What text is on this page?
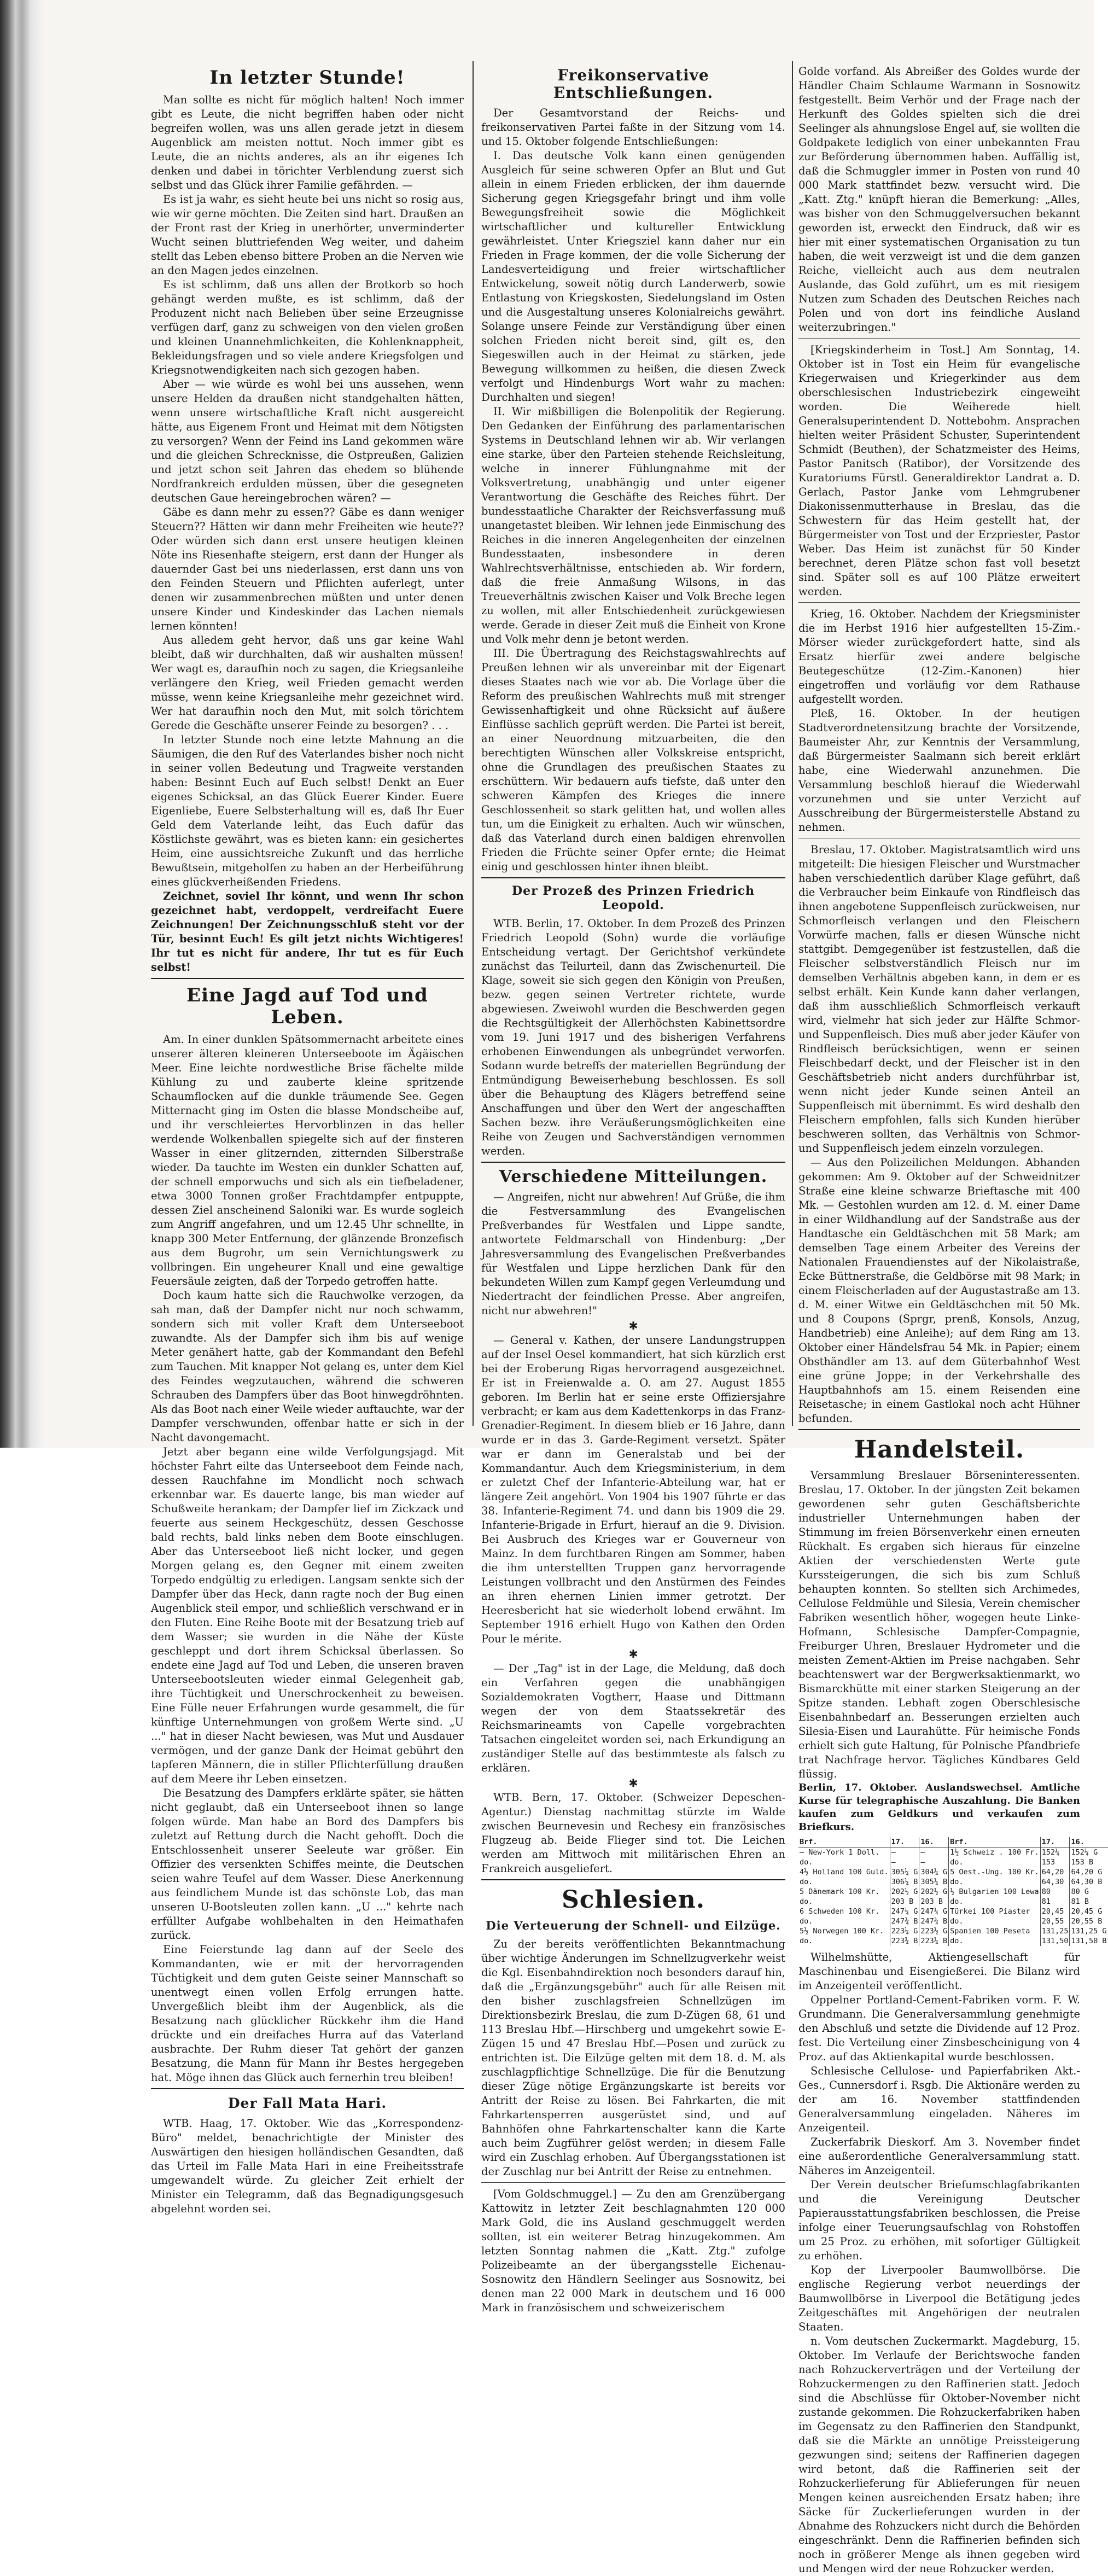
In letzter Stunde!

Man sollte es nicht für möglich halten! Noch immer gibt es Leute, die nicht begriffen haben oder nicht begreifen wollen, was uns allen gerade jetzt in diesem Augenblick am meisten nottut. Noch immer gibt es Leute, die an nichts anderes, als an ihr eigenes Ich denken und dabei in törichter Verblendung zuerst sich selbst und das Glück ihrer Familie gefährden. —

Es ist ja wahr, es sieht heute bei uns nicht so rosig aus, wie wir gerne möchten. Die Zeiten sind hart. Draußen an der Front rast der Krieg in unerhörter, unverminderter Wucht seinen bluttriefenden Weg weiter, und daheim stellt das Leben ebenso bittere Proben an die Nerven wie an den Magen jedes einzelnen.

Es ist schlimm, daß uns allen der Brotkorb so hoch gehängt werden mußte, es ist schlimm, daß der Produzent nicht nach Belieben über seine Erzeugnisse verfügen darf, ganz zu schweigen von den vielen großen und kleinen Unannehmlichkeiten, die Kohlenknappheit, Bekleidungsfragen und so viele andere Kriegsfolgen und Kriegsnotwendigkeiten nach sich gezogen haben.

Aber — wie würde es wohl bei uns aussehen, wenn unsere Helden da draußen nicht standgehalten hätten, wenn unsere wirtschaftliche Kraft nicht ausgereicht hätte, aus Eigenem Front und Heimat mit dem Nötigsten zu versorgen? Wenn der Feind ins Land gekommen wäre und die gleichen Schrecknisse, die Ostpreußen, Galizien und jetzt schon seit Jahren das ehedem so blühende Nordfrankreich erdulden müssen, über die gesegneten deutschen Gaue hereingebrochen wären? —

Gäbe es dann mehr zu essen?? Gäbe es dann weniger Steuern?? Hätten wir dann mehr Freiheiten wie heute?? Oder würden sich dann erst unsere heutigen kleinen Nöte ins Riesenhafte steigern, erst dann der Hunger als dauernder Gast bei uns niederlassen, erst dann uns von den Feinden Steuern und Pflichten auferlegt, unter denen wir zusammenbrechen müßten und unter denen unsere Kinder und Kindeskinder das Lachen niemals lernen könnten!

Aus alledem geht hervor, daß uns gar keine Wahl bleibt, daß wir durchhalten, daß wir aushalten müssen! Wer wagt es, daraufhin noch zu sagen, die Kriegsanleihe verlängere den Krieg, weil Frieden gemacht werden müsse, wenn keine Kriegsanleihe mehr gezeichnet wird. Wer hat daraufhin noch den Mut, mit solch törichtem Gerede die Geschäfte unserer Feinde zu besorgen? . . .

In letzter Stunde noch eine letzte Mahnung an die Säumigen, die den Ruf des Vaterlandes bisher noch nicht in seiner vollen Bedeutung und Tragweite verstanden haben: Besinnt Euch auf Euch selbst! Denkt an Euer eigenes Schicksal, an das Glück Euerer Kinder. Euere Eigenliebe, Euere Selbsterhaltung will es, daß Ihr Euer Geld dem Vaterlande leiht, das Euch dafür das Köstlichste gewährt, was es bieten kann: ein gesichertes Heim, eine aussichtsreiche Zukunft und das herrliche Bewußtsein, mitgeholfen zu haben an der Herbeiführung eines glückverheißenden Friedens.

Zeichnet, soviel Ihr könnt, und wenn Ihr schon gezeichnet habt, verdoppelt, verdreifacht Euere Zeichnungen! Der Zeichnungsschluß steht vor der Tür, besinnt Euch! Es gilt jetzt nichts Wichtigeres! Ihr tut es nicht für andere, Ihr tut es für Euch selbst!

Eine Jagd auf Tod und Leben.

Am. In einer dunklen Spätsommernacht arbeitete eines unserer älteren kleineren Unterseeboote im Ägäischen Meer. Eine leichte nordwestliche Brise fächelte milde Kühlung zu und zauberte kleine spritzende Schaumflocken auf die dunkle träumende See. Gegen Mitternacht ging im Osten die blasse Mondscheibe auf, und ihr verschleiertes Hervorblinzen in das heller werdende Wolkenballen spiegelte sich auf der finsteren Wasser in einer glitzernden, zitternden Silberstraße wieder. Da tauchte im Westen ein dunkler Schatten auf, der schnell emporwuchs und sich als ein tiefbeladener, etwa 3000 Tonnen großer Frachtdampfer entpuppte, dessen Ziel anscheinend Saloniki war. Es wurde sogleich zum Angriff angefahren, und um 12.45 Uhr schnellte, in knapp 300 Meter Entfernung, der glänzende Bronzefisch aus dem Bugrohr, um sein Vernichtungswerk zu vollbringen. Ein ungeheurer Knall und eine gewaltige Feuersäule zeigten, daß der Torpedo getroffen hatte.

Doch kaum hatte sich die Rauchwolke verzogen, da sah man, daß der Dampfer nicht nur noch schwamm, sondern sich mit voller Kraft dem Unterseeboot zuwandte. Als der Dampfer sich ihm bis auf wenige Meter genähert hatte, gab der Kommandant den Befehl zum Tauchen. Mit knapper Not gelang es, unter dem Kiel des Feindes wegzutauchen, während die schweren Schrauben des Dampfers über das Boot hinwegdröhnten. Als das Boot nach einer Weile wieder auftauchte, war der Dampfer verschwunden, offenbar hatte er sich in der Nacht davongemacht.

Jetzt aber begann eine wilde Verfolgungsjagd. Mit höchster Fahrt eilte das Unterseeboot dem Feinde nach, dessen Rauchfahne im Mondlicht noch schwach erkennbar war. Es dauerte lange, bis man wieder auf Schußweite herankam; der Dampfer lief im Zickzack und feuerte aus seinem Heckgeschütz, dessen Geschosse bald rechts, bald links neben dem Boote einschlugen. Aber das Unterseeboot ließ nicht locker, und gegen Morgen gelang es, den Gegner mit einem zweiten Torpedo endgültig zu erledigen. Langsam senkte sich der Dampfer über das Heck, dann ragte noch der Bug einen Augenblick steil empor, und schließlich verschwand er in den Fluten. Eine Reihe Boote mit der Besatzung trieb auf dem Wasser; sie wurden in die Nähe der Küste geschleppt und dort ihrem Schicksal überlassen. So endete eine Jagd auf Tod und Leben, die unseren braven Unterseebootsleuten wieder einmal Gelegenheit gab, ihre Tüchtigkeit und Unerschrockenheit zu beweisen. Eine Fülle neuer Erfahrungen wurde gesammelt, die für künftige Unternehmungen von großem Werte sind. „U ..." hat in dieser Nacht bewiesen, was Mut und Ausdauer vermögen, und der ganze Dank der Heimat gebührt den tapferen Männern, die in stiller Pflichterfüllung draußen auf dem Meere ihr Leben einsetzen.

Die Besatzung des Dampfers erklärte später, sie hätten nicht geglaubt, daß ein Unterseeboot ihnen so lange folgen würde. Man habe an Bord des Dampfers bis zuletzt auf Rettung durch die Nacht gehofft. Doch die Entschlossenheit unserer Seeleute war größer. Ein Offizier des versenkten Schiffes meinte, die Deutschen seien wahre Teufel auf dem Wasser. Diese Anerkennung aus feindlichem Munde ist das schönste Lob, das man unseren U-Bootsleuten zollen kann. „U ..." kehrte nach erfüllter Aufgabe wohlbehalten in den Heimathafen zurück.

Eine Feierstunde lag dann auf der Seele des Kommandanten, wie er mit der hervorragenden Tüchtigkeit und dem guten Geiste seiner Mannschaft so unentwegt einen vollen Erfolg errungen hatte. Unvergeßlich bleibt ihm der Augenblick, als die Besatzung nach glücklicher Rückkehr ihm die Hand drückte und ein dreifaches Hurra auf das Vaterland ausbrachte. Der Ruhm dieser Tat gehört der ganzen Besatzung, die Mann für Mann ihr Bestes hergegeben hat. Möge ihnen das Glück auch fernerhin treu bleiben!

Der Fall Mata Hari.

WTB. Haag, 17. Oktober. Wie das „Korrespondenz-Büro" meldet, benachrichtigte der Minister des Auswärtigen den hiesigen holländischen Gesandten, daß das Urteil im Falle Mata Hari in eine Freiheitsstrafe umgewandelt würde. Zu gleicher Zeit erhielt der Minister ein Telegramm, daß das Begnadigungsgesuch abgelehnt worden sei.

Freikonservative Entschließungen.

Der Gesamtvorstand der Reichs- und freikonservativen Partei faßte in der Sitzung vom 14. und 15. Oktober folgende Entschließungen:

I. Das deutsche Volk kann einen genügenden Ausgleich für seine schweren Opfer an Blut und Gut allein in einem Frieden erblicken, der ihm dauernde Sicherung gegen Kriegsgefahr bringt und ihm volle Bewegungsfreiheit sowie die Möglichkeit wirtschaftlicher und kultureller Entwicklung gewährleistet. Unter Kriegsziel kann daher nur ein Frieden in Frage kommen, der die volle Sicherung der Landesverteidigung und freier wirtschaftlicher Entwickelung, soweit nötig durch Landerwerb, sowie Entlastung von Kriegskosten, Siedelungsland im Osten und die Ausgestaltung unseres Kolonialreichs gewährt. Solange unsere Feinde zur Verständigung über einen solchen Frieden nicht bereit sind, gilt es, den Siegeswillen auch in der Heimat zu stärken, jede Bewegung willkommen zu heißen, die diesen Zweck verfolgt und Hindenburgs Wort wahr zu machen: Durchhalten und siegen!

II. Wir mißbilligen die Bolenpolitik der Regierung. Den Gedanken der Einführung des parlamentarischen Systems in Deutschland lehnen wir ab. Wir verlangen eine starke, über den Parteien stehende Reichsleitung, welche in innerer Fühlungnahme mit der Volksvertretung, unabhängig und unter eigener Verantwortung die Geschäfte des Reiches führt. Der bundesstaatliche Charakter der Reichsverfassung muß unangetastet bleiben. Wir lehnen jede Einmischung des Reiches in die inneren Angelegenheiten der einzelnen Bundesstaaten, insbesondere in deren Wahlrechtsverhältnisse, entschieden ab. Wir fordern, daß die freie Anmaßung Wilsons, in das Treueverhältnis zwischen Kaiser und Volk Breche legen zu wollen, mit aller Entschiedenheit zurückgewiesen werde. Gerade in dieser Zeit muß die Einheit von Krone und Volk mehr denn je betont werden.

III. Die Übertragung des Reichstagswahlrechts auf Preußen lehnen wir als unvereinbar mit der Eigenart dieses Staates nach wie vor ab. Die Vorlage über die Reform des preußischen Wahlrechts muß mit strenger Gewissenhaftigkeit und ohne Rücksicht auf äußere Einflüsse sachlich geprüft werden. Die Partei ist bereit, an einer Neuordnung mitzuarbeiten, die den berechtigten Wünschen aller Volkskreise entspricht, ohne die Grundlagen des preußischen Staates zu erschüttern. Wir bedauern aufs tiefste, daß unter den schweren Kämpfen des Krieges die innere Geschlossenheit so stark gelitten hat, und wollen alles tun, um die Einigkeit zu erhalten. Auch wir wünschen, daß das Vaterland durch einen baldigen ehrenvollen Frieden die Früchte seiner Opfer ernte; die Heimat einig und geschlossen hinter ihnen bleibt.

Der Prozeß des Prinzen Friedrich Leopold.

WTB. Berlin, 17. Oktober. In dem Prozeß des Prinzen Friedrich Leopold (Sohn) wurde die vorläufige Entscheidung vertagt. Der Gerichtshof verkündete zunächst das Teilurteil, dann das Zwischenurteil. Die Klage, soweit sie sich gegen den Königin von Preußen, bezw. gegen seinen Vertreter richtete, wurde abgewiesen. Zweiwohl wurden die Beschwerden gegen die Rechtsgültigkeit der Allerhöchsten Kabinettsordre vom 19. Juni 1917 und des bisherigen Verfahrens erhobenen Einwendungen als unbegründet verworfen. Sodann wurde betreffs der materiellen Begründung der Entmündigung Beweiserhebung beschlossen. Es soll über die Behauptung des Klägers betreffend seine Anschaffungen und über den Wert der angeschafften Sachen bezw. ihre Veräußerungsmöglichkeiten eine Reihe von Zeugen und Sachverständigen vernommen werden.

Verschiedene Mitteilungen.

— Angreifen, nicht nur abwehren! Auf Grüße, die ihm die Festversammlung des Evangelischen Preßverbandes für Westfalen und Lippe sandte, antwortete Feldmarschall von Hindenburg: „Der Jahresversammlung des Evangelischen Preßverbandes für Westfalen und Lippe herzlichen Dank für den bekundeten Willen zum Kampf gegen Verleumdung und Niedertracht der feindlichen Presse. Aber angreifen, nicht nur abwehren!"

✱

— General v. Kathen, der unsere Landungstruppen auf der Insel Oesel kommandiert, hat sich kürzlich erst bei der Eroberung Rigas hervorragend ausgezeichnet. Er ist in Freienwalde a. O. am 27. August 1855 geboren. Im Berlin hat er seine erste Offiziersjahre verbracht; er kam aus dem Kadettenkorps in das Franz-Grenadier-Regiment. In diesem blieb er 16 Jahre, dann wurde er in das 3. Garde-Regiment versetzt. Später war er dann im Generalstab und bei der Kommandantur. Auch dem Kriegsministerium, in dem er zuletzt Chef der Infanterie-Abteilung war, hat er längere Zeit angehört. Von 1904 bis 1907 führte er das 38. Infanterie-Regiment 74. und dann bis 1909 die 29. Infanterie-Brigade in Erfurt, hierauf an die 9. Division. Bei Ausbruch des Krieges war er Gouverneur von Mainz. In dem furchtbaren Ringen am Sommer, haben die ihm unterstellten Truppen ganz hervorragende Leistungen vollbracht und den Anstürmen des Feindes an ihren ehernen Linien immer getrotzt. Der Heeresbericht hat sie wiederholt lobend erwähnt. Im September 1916 erhielt Hugo von Kathen den Orden Pour le mérite.

✱

— Der „Tag" ist in der Lage, die Meldung, daß doch ein Verfahren gegen die unabhängigen Sozialdemokraten Vogtherr, Haase und Dittmann wegen der von dem Staatssekretär des Reichsmarineamts von Capelle vorgebrachten Tatsachen eingeleitet worden sei, nach Erkundigung an zuständiger Stelle auf das bestimmteste als falsch zu erklären.

✱

WTB. Bern, 17. Oktober. (Schweizer Depeschen-Agentur.) Dienstag nachmittag stürzte im Walde zwischen Beurnevesin und Rechesy ein französisches Flugzeug ab. Beide Flieger sind tot. Die Leichen werden am Mittwoch mit militärischen Ehren an Frankreich ausgeliefert.

Schlesien.
Die Verteuerung der Schnell- und Eilzüge.

Zu der bereits veröffentlichten Bekanntmachung über wichtige Änderungen im Schnellzugverkehr weist die Kgl. Eisenbahndirektion noch besonders darauf hin, daß die „Ergänzungsgebühr" auch für alle Reisen mit den bisher zuschlagsfreien Schnellzügen im Direktionsbezirk Breslau, die zum D-Zügen 68, 61 und 113 Breslau Hbf.—Hirschberg und umgekehrt sowie E-Zügen 15 und 47 Breslau Hbf.—Posen und zurück zu entrichten ist. Die Eilzüge gelten mit dem 18. d. M. als zuschlagpflichtige Schnellzüge. Die für die Benutzung dieser Züge nötige Ergänzungskarte ist bereits vor Antritt der Reise zu lösen. Bei Fahrkarten, die mit Fahrkartensperren ausgerüstet sind, und auf Bahnhöfen ohne Fahrkartenschalter kann die Karte auch beim Zugführer gelöst werden; in diesem Falle wird ein Zuschlag erhoben. Auf Übergangsstationen ist der Zuschlag nur bei Antritt der Reise zu entnehmen.

[Vom Goldschmuggel.] — Zu den am Grenzübergang Kattowitz in letzter Zeit beschlagnahmten 120 000 Mark Gold, die ins Ausland geschmuggelt werden sollten, ist ein weiterer Betrag hinzugekommen. Am letzten Sonntag nahmen die „Katt. Ztg." zufolge Polizeibeamte an der übergangsstelle Eichenau-Sosnowitz den Händlern Seelinger aus Sosnowitz, bei denen man 22 000 Mark in deutschem und 16 000 Mark in französischem und schweizerischem

Golde vorfand. Als Abreißer des Goldes wurde der Händler Chaim Schlaume Warmann in Sosnowitz festgestellt. Beim Verhör und der Frage nach der Herkunft des Goldes spielten sich die drei Seelinger als ahnungslose Engel auf, sie wollten die Goldpakete lediglich von einer unbekannten Frau zur Beförderung übernommen haben. Auffällig ist, daß die Schmuggler immer in Posten von rund 40 000 Mark stattfindet bezw. versucht wird. Die „Katt. Ztg." knüpft hieran die Bemerkung: „Alles, was bisher von den Schmuggelversuchen bekannt geworden ist, erweckt den Eindruck, daß wir es hier mit einer systematischen Organisation zu tun haben, die weit verzweigt ist und die dem ganzen Reiche, vielleicht auch aus dem neutralen Auslande, das Gold zuführt, um es mit riesigem Nutzen zum Schaden des Deutschen Reiches nach Polen und von dort ins feindliche Ausland weiterzubringen."

[Kriegskinderheim in Tost.] Am Sonntag, 14. Oktober ist in Tost ein Heim für evangelische Kriegerwaisen und Kriegerkinder aus dem oberschlesischen Industriebezirk eingeweiht worden. Die Weiherede hielt Generalsuperintendent D. Nottebohm. Ansprachen hielten weiter Präsident Schuster, Superintendent Schmidt (Beuthen), der Schatzmeister des Heims, Pastor Panitsch (Ratibor), der Vorsitzende des Kuratoriums Fürstl. Generaldirektor Landrat a. D. Gerlach, Pastor Janke vom Lehmgrubener Diakonissenmutterhause in Breslau, das die Schwestern für das Heim gestellt hat, der Bürgermeister von Tost und der Erzpriester, Pastor Weber. Das Heim ist zunächst für 50 Kinder berechnet, deren Plätze schon fast voll besetzt sind. Später soll es auf 100 Plätze erweitert werden.

Krieg, 16. Oktober. Nachdem der Kriegsminister die im Herbst 1916 hier aufgestellten 15-Zim.-Mörser wieder zurückgefordert hatte, sind als Ersatz hierfür zwei andere belgische Beutegeschütze (12-Zim.-Kanonen) hier eingetroffen und vorläufig vor dem Rathause aufgestellt worden.

Pleß, 16. Oktober. In der heutigen Stadtverordnetensitzung brachte der Vorsitzende, Baumeister Ahr, zur Kenntnis der Versammlung, daß Bürgermeister Saalmann sich bereit erklärt habe, eine Wiederwahl anzunehmen. Die Versammlung beschloß hierauf die Wiederwahl vorzunehmen und sie unter Verzicht auf Ausschreibung der Bürgermeisterstelle Abstand zu nehmen.

Breslau, 17. Oktober. Magistratsamtlich wird uns mitgeteilt: Die hiesigen Fleischer und Wurstmacher haben verschiedentlich darüber Klage geführt, daß die Verbraucher beim Einkaufe von Rindfleisch das ihnen angebotene Suppenfleisch zurückweisen, nur Schmorfleisch verlangen und den Fleischern Vorwürfe machen, falls er diesen Wünsche nicht stattgibt. Demgegenüber ist festzustellen, daß die Fleischer selbstverständlich Fleisch nur im demselben Verhältnis abgeben kann, in dem er es selbst erhält. Kein Kunde kann daher verlangen, daß ihm ausschließlich Schmorfleisch verkauft wird, vielmehr hat sich jeder zur Hälfte Schmor- und Suppenfleisch. Dies muß aber jeder Käufer von Rindfleisch berücksichtigen, wenn er seinen Fleischbedarf deckt, und der Fleischer ist in den Geschäftsbetrieb nicht anders durchführbar ist, wenn nicht jeder Kunde seinen Anteil an Suppenfleisch mit übernimmt. Es wird deshalb den Fleischern empfohlen, falls sich Kunden hierüber beschweren sollten, das Verhältnis von Schmor- und Suppenfleisch jedem einzeln vorzulegen.

— Aus den Polizeilichen Meldungen. Abhanden gekommen: Am 9. Oktober auf der Schweidnitzer Straße eine kleine schwarze Brieftasche mit 400 Mk. — Gestohlen wurden am 12. d. M. einer Dame in einer Wildhandlung auf der Sandstraße aus der Handtasche ein Geldtäschchen mit 58 Mark; am demselben Tage einem Arbeiter des Vereins der Nationalen Frauendienstes auf der Nikolaistraße, Ecke Büttnerstraße, die Geldbörse mit 98 Mark; in einem Fleischerladen auf der Augustastraße am 13. d. M. einer Witwe ein Geldtäschchen mit 50 Mk. und 8 Coupons (Sprgr, prenß, Konsols, Anzug, Handbetrieb) eine Anleihe); auf dem Ring am 13. Oktober einer Händelsfrau 54 Mk. in Papier; einem Obsthändler am 13. auf dem Güterbahnhof West eine grüne Joppe; in der Verkehrshalle des Hauptbahnhofs am 15. einem Reisenden eine Reisetasche; in einem Gastlokal noch acht Hühner befunden.

Handelsteil.

Versammlung Breslauer Börseninteressenten. Breslau, 17. Oktober. In der jüngsten Zeit bekamen gewordenen sehr guten Geschäftsberichte industrieller Unternehmungen haben der Stimmung im freien Börsenverkehr einen erneuten Rückhalt. Es ergaben sich hieraus für einzelne Aktien der verschiedensten Werte gute Kurssteigerungen, die sich bis zum Schluß behaupten konnten. So stellten sich Archimedes, Cellulose Feldmühle und Silesia, Verein chemischer Fabriken wesentlich höher, wogegen heute Linke-Hofmann, Schlesische Dampfer-Compagnie, Freiburger Uhren, Breslauer Hydrometer und die meisten Zement-Aktien im Preise nachgaben. Sehr beachtenswert war der Bergwerksaktienmarkt, wo Bismarckhütte mit einer starken Steigerung an der Spitze standen. Lebhaft zogen Oberschlesische Eisenbahnbedarf an. Besserungen erzielten auch Silesia-Eisen und Laurahütte. Für heimische Fonds erhielt sich gute Haltung, für Polnische Pfandbriefe trat Nachfrage hervor. Tägliches Kündbares Geld flüssig.

Berlin, 17. Oktober. Auslandswechsel. Amtliche Kurse für telegraphische Auszahlung. Die Banken kaufen zum Geldkurs und verkaufen zum Briefkurs.
Brf.	17.	16.	Brf.	17.	16.
— New-York 1 Doll.	—	—	1½ Schweiz . 100 Fr.	152¼	152¼ G
do.	—	—	do.	153	153 B
4½ Holland 100 Guld.	305¼ G	304¼ G	5 Oest.-Ung. 100 Kr.	64,20	64,20 G
do.	306¼ B	305¼ B	do.	64,30	64,30 B
5 Dänemark 100 Kr.	202½ G	202½ G	½ Bulgarien 100 Lewa	80	80 G
do.	203 B	203 B	do.	81	81 B
6 Schweden 100 Kr.	247¼ G	247¼ G	Türkei 100 Piaster	20,45	20,45 G
do.	247¾ B	247¾ B	do.	20,55	20,55 B
5½ Norwegen 100 Kr.	223¼ G	223½ G	Spanien 100 Peseta	131,25	131,25 G
do.	223¾ B	223¼ B	do.	131,50	131,50 B

Wilhelmshütte, Aktiengesellschaft für Maschinenbau und Eisengießerei. Die Bilanz wird im Anzeigenteil veröffentlicht.

Oppelner Portland-Cement-Fabriken vorm. F. W. Grundmann. Die Generalversammlung genehmigte den Abschluß und setzte die Dividende auf 12 Proz. fest. Die Verteilung einer Zinsbescheinigung von 4 Proz. auf das Aktienkapital wurde beschlossen.

Schlesische Cellulose- und Papierfabriken Akt.-Ges., Cunnersdorf i. Rsgb. Die Aktionäre werden zu der am 16. November stattfindenden Generalversammlung eingeladen. Näheres im Anzeigenteil.

Zuckerfabrik Dieskorf. Am 3. November findet eine außerordentliche Generalversammlung statt. Näheres im Anzeigenteil.

Der Verein deutscher Briefumschlagfabrikanten und die Vereinigung Deutscher Papierausstattungsfabriken beschlossen, die Preise infolge einer Teuerungsaufschlag von Rohstoffen um 25 Proz. zu erhöhen, mit sofortiger Gültigkeit zu erhöhen.

Kop der Liverpooler Baumwollbörse. Die englische Regierung verbot neuerdings der Baumwollbörse in Liverpool die Betätigung jedes Zeitgeschäftes mit Angehörigen der neutralen Staaten.

n. Vom deutschen Zuckermarkt. Magdeburg, 15. Oktober. Im Verlaufe der Berichtswoche fanden nach Rohzuckerverträgen und der Verteilung der Rohzuckermengen zu den Raffinerien statt. Jedoch sind die Abschlüsse für Oktober-November nicht zustande gekommen. Die Rohzuckerfabriken haben im Gegensatz zu den Raffinerien den Standpunkt, daß sie die Märkte an unnötige Preissteigerung gezwungen sind; seitens der Raffinerien dagegen wird betont, daß die Raffinerien seit der Rohzuckerlieferung für Ablieferungen für neuen Mengen keinen ausreichenden Ersatz haben; ihre Säcke für Zuckerlieferungen wurden in der Abnahme des Rohzuckers nicht durch die Behörden eingeschränkt. Denn die Raffinerien befinden sich noch in größerer Menge als ihnen gegeben wird und Mengen wird der neue Rohzucker werden.
